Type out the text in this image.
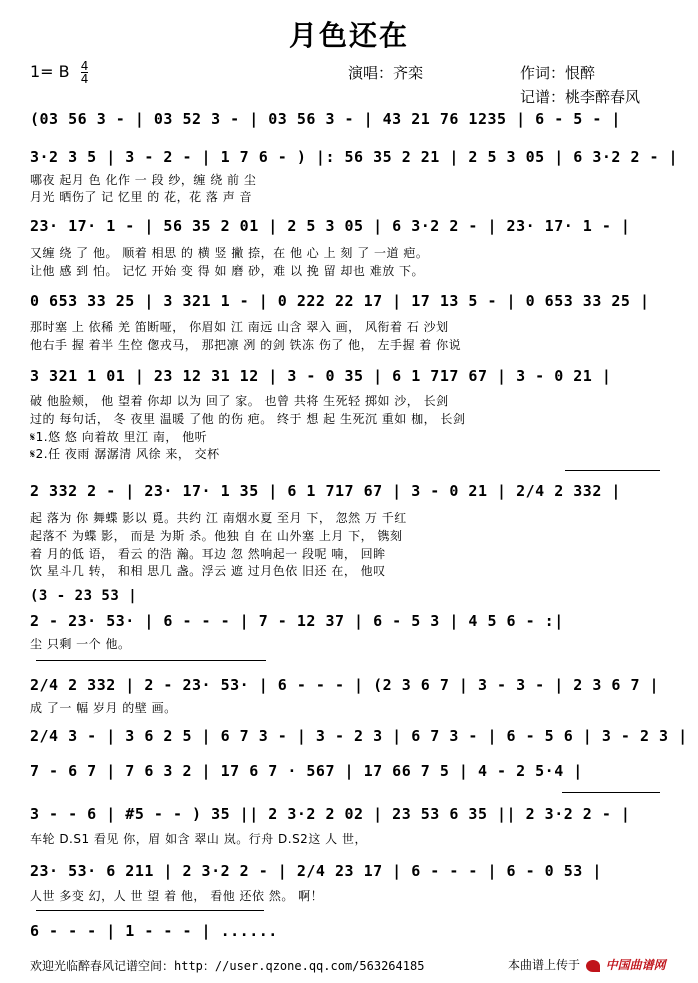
月色还在
1= B $\frac{4}{4}$	演唱：齐栾	作词：恨醉
记谱：桃李醉春风
(03 56 3 - | 03 52 3 - | 03 56 3 - | 43 21 76 1235 | 6 - 5 - |
3·2 3 5 | 3 - 2 - | 1 7 6 - ) |: 56 35 2 21 | 2 5 3 05 | 6 3·2 2 - |
哪夜 起月 色 化作 一 段 纱，缠 绕 前 尘
月光 晒伤了 记 忆里 的 花，花 落 声 音
23· 17· 1 - | 56 35 2 01 | 2 5 3 05 | 6 3·2 2 - | 23· 17· 1 - |
又缠 绕 了 他。 顺着 相思 的 横 竖 撇 捺，在 他 心 上 刻 了 一道 疤。
让他 感 到 怕。 记忆 开始 变 得 如 磨 砂，难 以 挽 留 却也 难放 下。
0 653 33 25 | 3 321 1 - | 0 222 22 17 | 17 13 5 - | 0 653 33 25 |
那时塞 上 依稀 羌 笛断哑， 你眉如 江 南远 山含 翠入 画， 风衔着 石 沙划
他右手 握 着半 生倥 偬戎马， 那把凛 冽 的剑 铁冻 伤了 他， 左手握 着 你说
3 321 1 01 | 23 12 31 12 | 3 - 0 35 | 6 1 717 67 | 3 - 0 21 |
破 他脸颊， 他 望着 你却 以为 回了 家。 也曾 共将 生死轻 掷如 沙， 长剑
过的 每句话， 冬 夜里 温暖 了他 的伤 疤。 终于 想 起 生死沉 重如 枷， 长剑
𝄋1.悠 悠 向着故 里江 南， 他听
𝄋2.任 夜雨 潺潺清 风徐 来， 交杯
2 332 2 - | 23· 17· 1 35 | 6 1 717 67 | 3 - 0 21 | 2/4 2 332 |
起 落为 你 舞蝶 影以 覓。共约 江 南烟水夏 至月 下， 忽然 万 千红
起落不 为蝶 影， 而是 为斯 杀。他独 自 在 山外塞 上月 下， 镌刻
着 月的低 语， 看云 的浩 瀚。耳边 忽 然响起一 段呢 喃， 回眸
饮 星斗几 转， 和相 思几 盏。浮云 遮 过月色依 旧还 在， 他叹
(3 - 23 53 |
2 - 23· 53· | 6 - - - | 7 - 12 37 | 6 - 5 3 | 4 5 6 - :|
尘 只剩 一个 他。
2/4 2 332 | 2 - 23· 53· | 6 - - - | (2 3 6 7 | 3 - 3 - | 2 3 6 7 |
成 了一 幅 岁月 的壁 画。
2/4 3 - | 3 6 2 5 | 6 7 3 - | 3 - 2 3 | 6 7 3 - | 6 - 5 6 | 3 - 2 3 |
7 - 6 7 | 7 6 3 2 | 17 6 7 · 567 | 17 66 7 5 | 4 - 2 5·4 |
3 - - 6 | #5 - - ) 35 || 2 3·2 2 02 | 23 53 6 35 || 2 3·2 2 - |
车轮 D.S1 看见 你，眉 如含 翠山 岚。行舟 D.S2这 人 世，
23· 53· 6 211 | 2 3·2 2 - | 2/4 23 17 | 6 - - - | 6 - 0 53 |
人世 多变 幻，人 世 望 着 他， 看他 还依 然。 啊！
6 - - - | 1 - - - | ......
欢迎光临醉春风记谱空间：http：//user.qzone.qq.com/563264185	本曲谱上传于 中国曲谱网
